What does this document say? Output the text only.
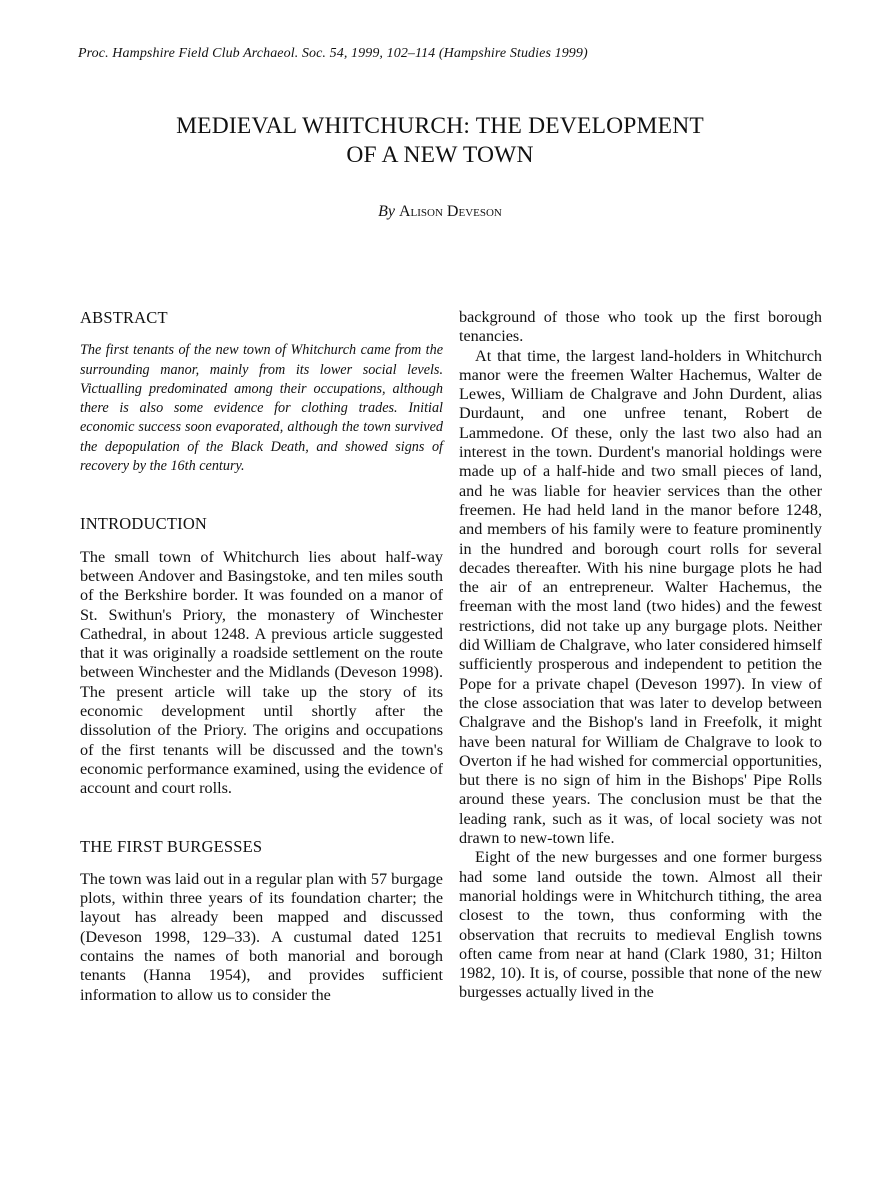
Proc. Hampshire Field Club Archaeol. Soc. 54, 1999, 102–114 (Hampshire Studies 1999)
MEDIEVAL WHITCHURCH: THE DEVELOPMENT
OF A NEW TOWN
By Alison Deveson
ABSTRACT

The first tenants of the new town of Whitchurch came from the surrounding manor, mainly from its lower social levels. Victualling predominated among their occupations, although there is also some evidence for clothing trades. Initial economic success soon evaporated, although the town survived the depopulation of the Black Death, and showed signs of recovery by the 16th century.

INTRODUCTION

The small town of Whitchurch lies about half-way between Andover and Basingstoke, and ten miles south of the Berkshire border. It was founded on a manor of St. Swithun's Priory, the monastery of Winchester Cathedral, in about 1248. A previous article suggested that it was originally a roadside settlement on the route between Winchester and the Midlands (Deveson 1998). The present article will take up the story of its economic development until shortly after the dissolution of the Priory. The origins and occupations of the first tenants will be discussed and the town's economic performance examined, using the evidence of account and court rolls.

THE FIRST BURGESSES

The town was laid out in a regular plan with 57 burgage plots, within three years of its foundation charter; the layout has already been mapped and discussed (Deveson 1998, 129–33). A custumal dated 1251 contains the names of both manorial and borough tenants (Hanna 1954), and provides sufficient information to allow us to consider the

background of those who took up the first borough tenancies.

At that time, the largest land-holders in Whitchurch manor were the freemen Walter Hachemus, Walter de Lewes, William de Chalgrave and John Durdent, alias Durdaunt, and one unfree tenant, Robert de Lammedone. Of these, only the last two also had an interest in the town. Durdent's manorial holdings were made up of a half-hide and two small pieces of land, and he was liable for heavier services than the other freemen. He had held land in the manor before 1248, and members of his family were to feature prominently in the hundred and borough court rolls for several decades thereafter. With his nine burgage plots he had the air of an entrepreneur. Walter Hachemus, the freeman with the most land (two hides) and the fewest restrictions, did not take up any burgage plots. Neither did William de Chalgrave, who later considered himself sufficiently prosperous and independent to petition the Pope for a private chapel (Deveson 1997). In view of the close association that was later to develop between Chalgrave and the Bishop's land in Freefolk, it might have been natural for William de Chalgrave to look to Overton if he had wished for commercial opportunities, but there is no sign of him in the Bishops' Pipe Rolls around these years. The conclusion must be that the leading rank, such as it was, of local society was not drawn to new-town life.

Eight of the new burgesses and one former burgess had some land outside the town. Almost all their manorial holdings were in Whitchurch tithing, the area closest to the town, thus conforming with the observation that recruits to medieval English towns often came from near at hand (Clark 1980, 31; Hilton 1982, 10). It is, of course, possible that none of the new burgesses actually lived in the
